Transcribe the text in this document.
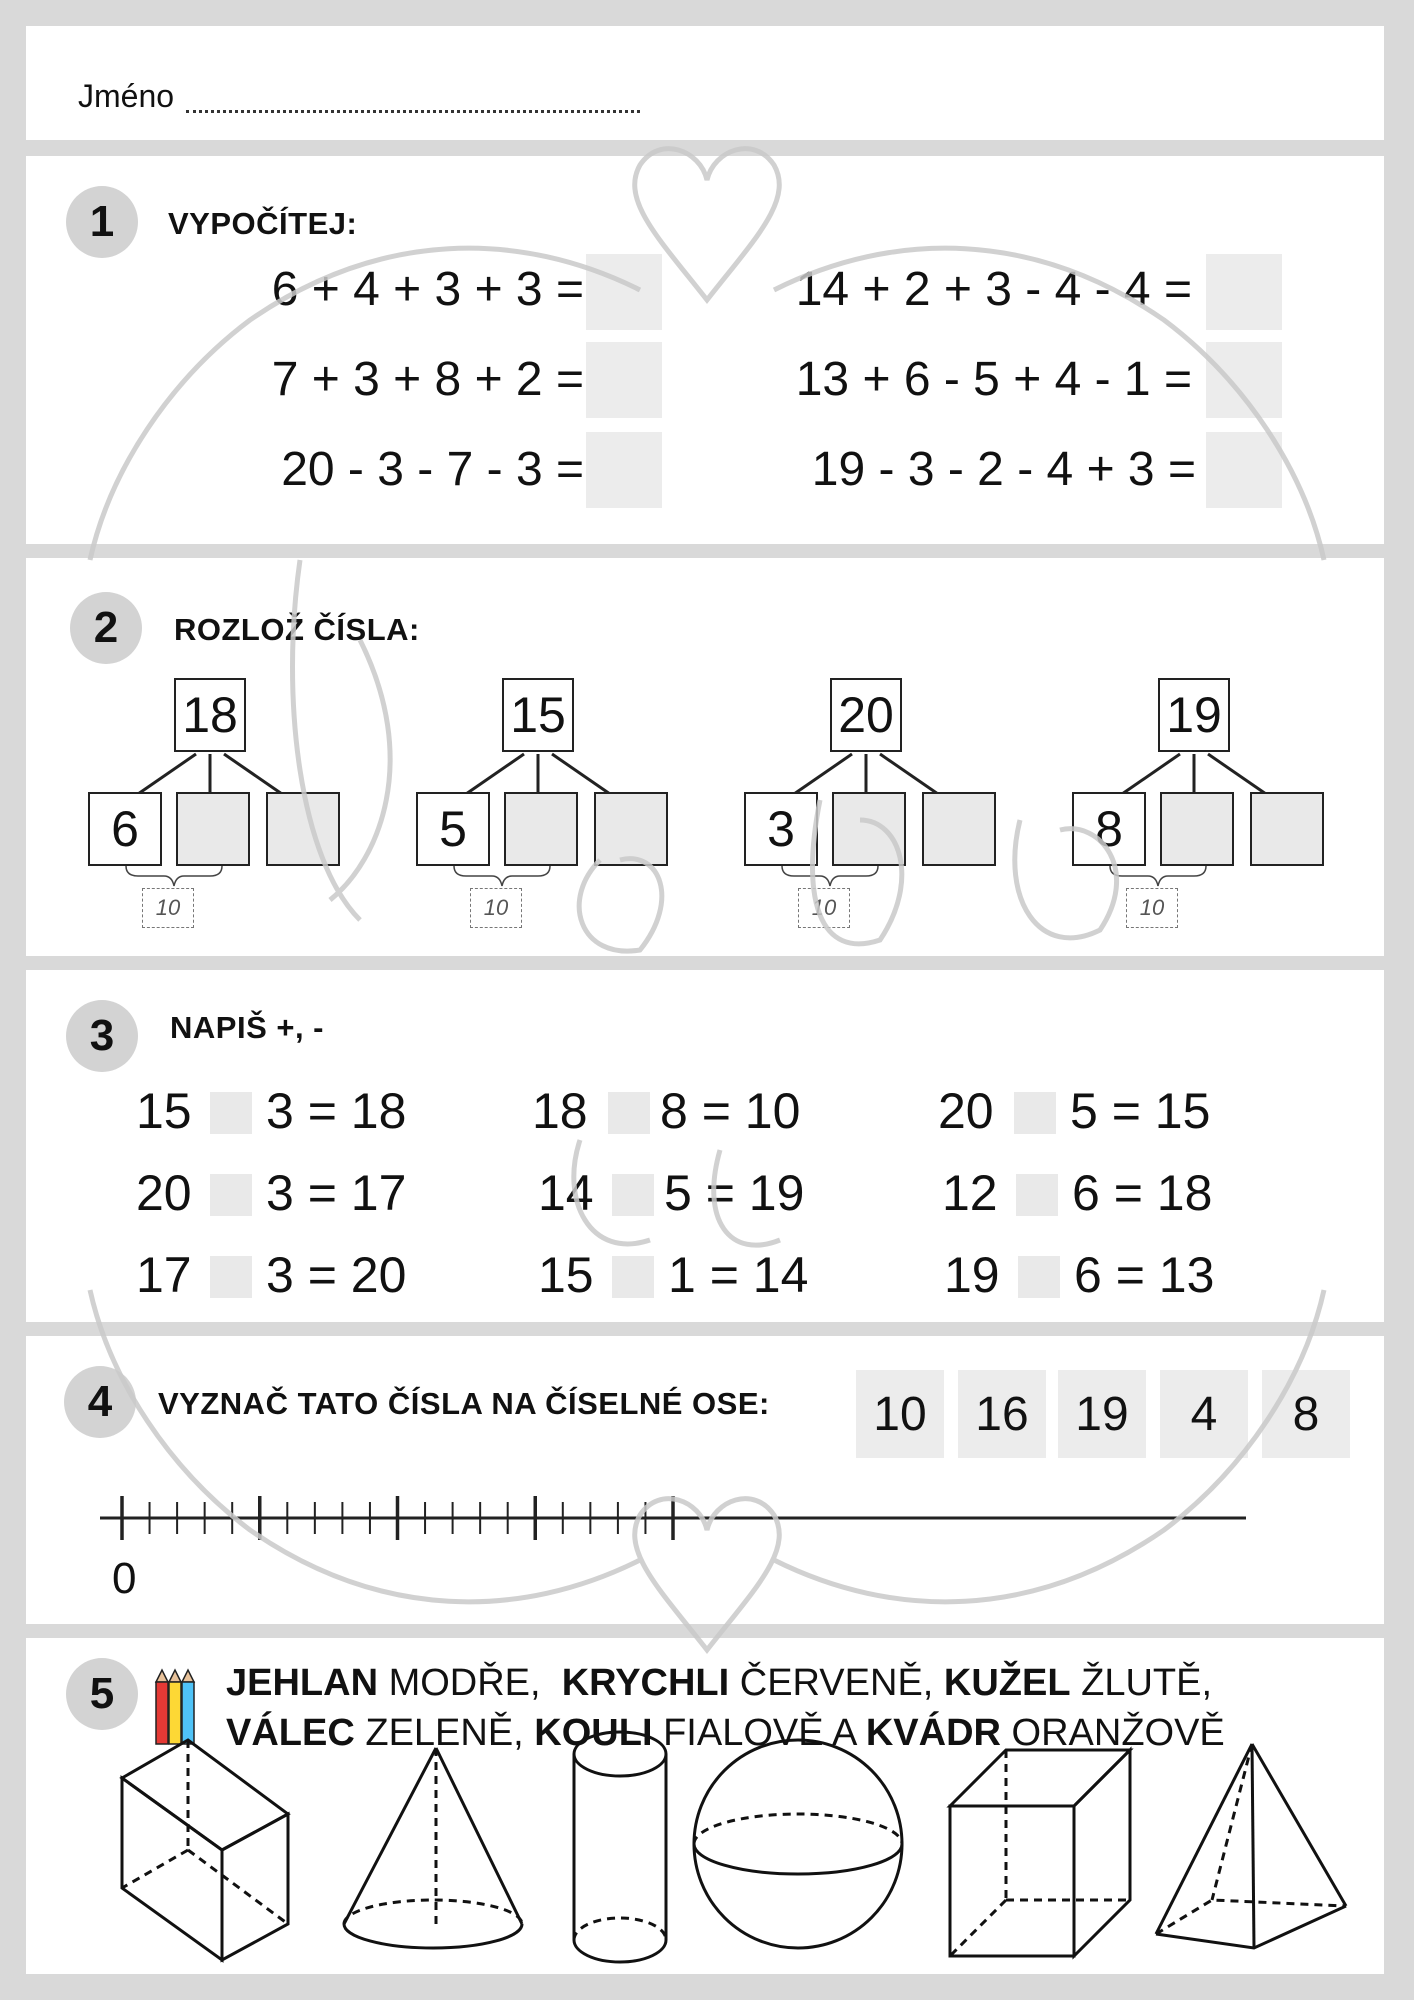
Jméno
1	VYPOČÍTEJ:
6 + 4 + 3 + 3 =
7 + 3 + 8 + 2 =
20 - 3 - 7 - 3 =
14 + 2 + 3 - 4 - 4 =
13 + 6 - 5 + 4 - 1 =
19 - 3 - 2 - 4 + 3 =
2	ROZLOŽ ČÍSLA:
18
6
10
15
5
10
20
3
10
19
8
10
3	NAPIŠ +, -
15 3 = 18	18 8 = 10	20 5 = 15
20 3 = 17	14 5 = 19	12 6 = 18
17 3 = 20	15 1 = 14	19 6 = 13
4	VYZNAČ TATO ČÍSLA NA ČÍSELNÉ OSE:	10	16 19	4	8
0
5	JEHLAN MODŘE,  KRYCHLI ČERVENĚ, KUŽEL ŽLUTĚ,
VÁLEC ZELENĚ, KOULI FIALOVĚ A KVÁDR ORANŽOVĚ
